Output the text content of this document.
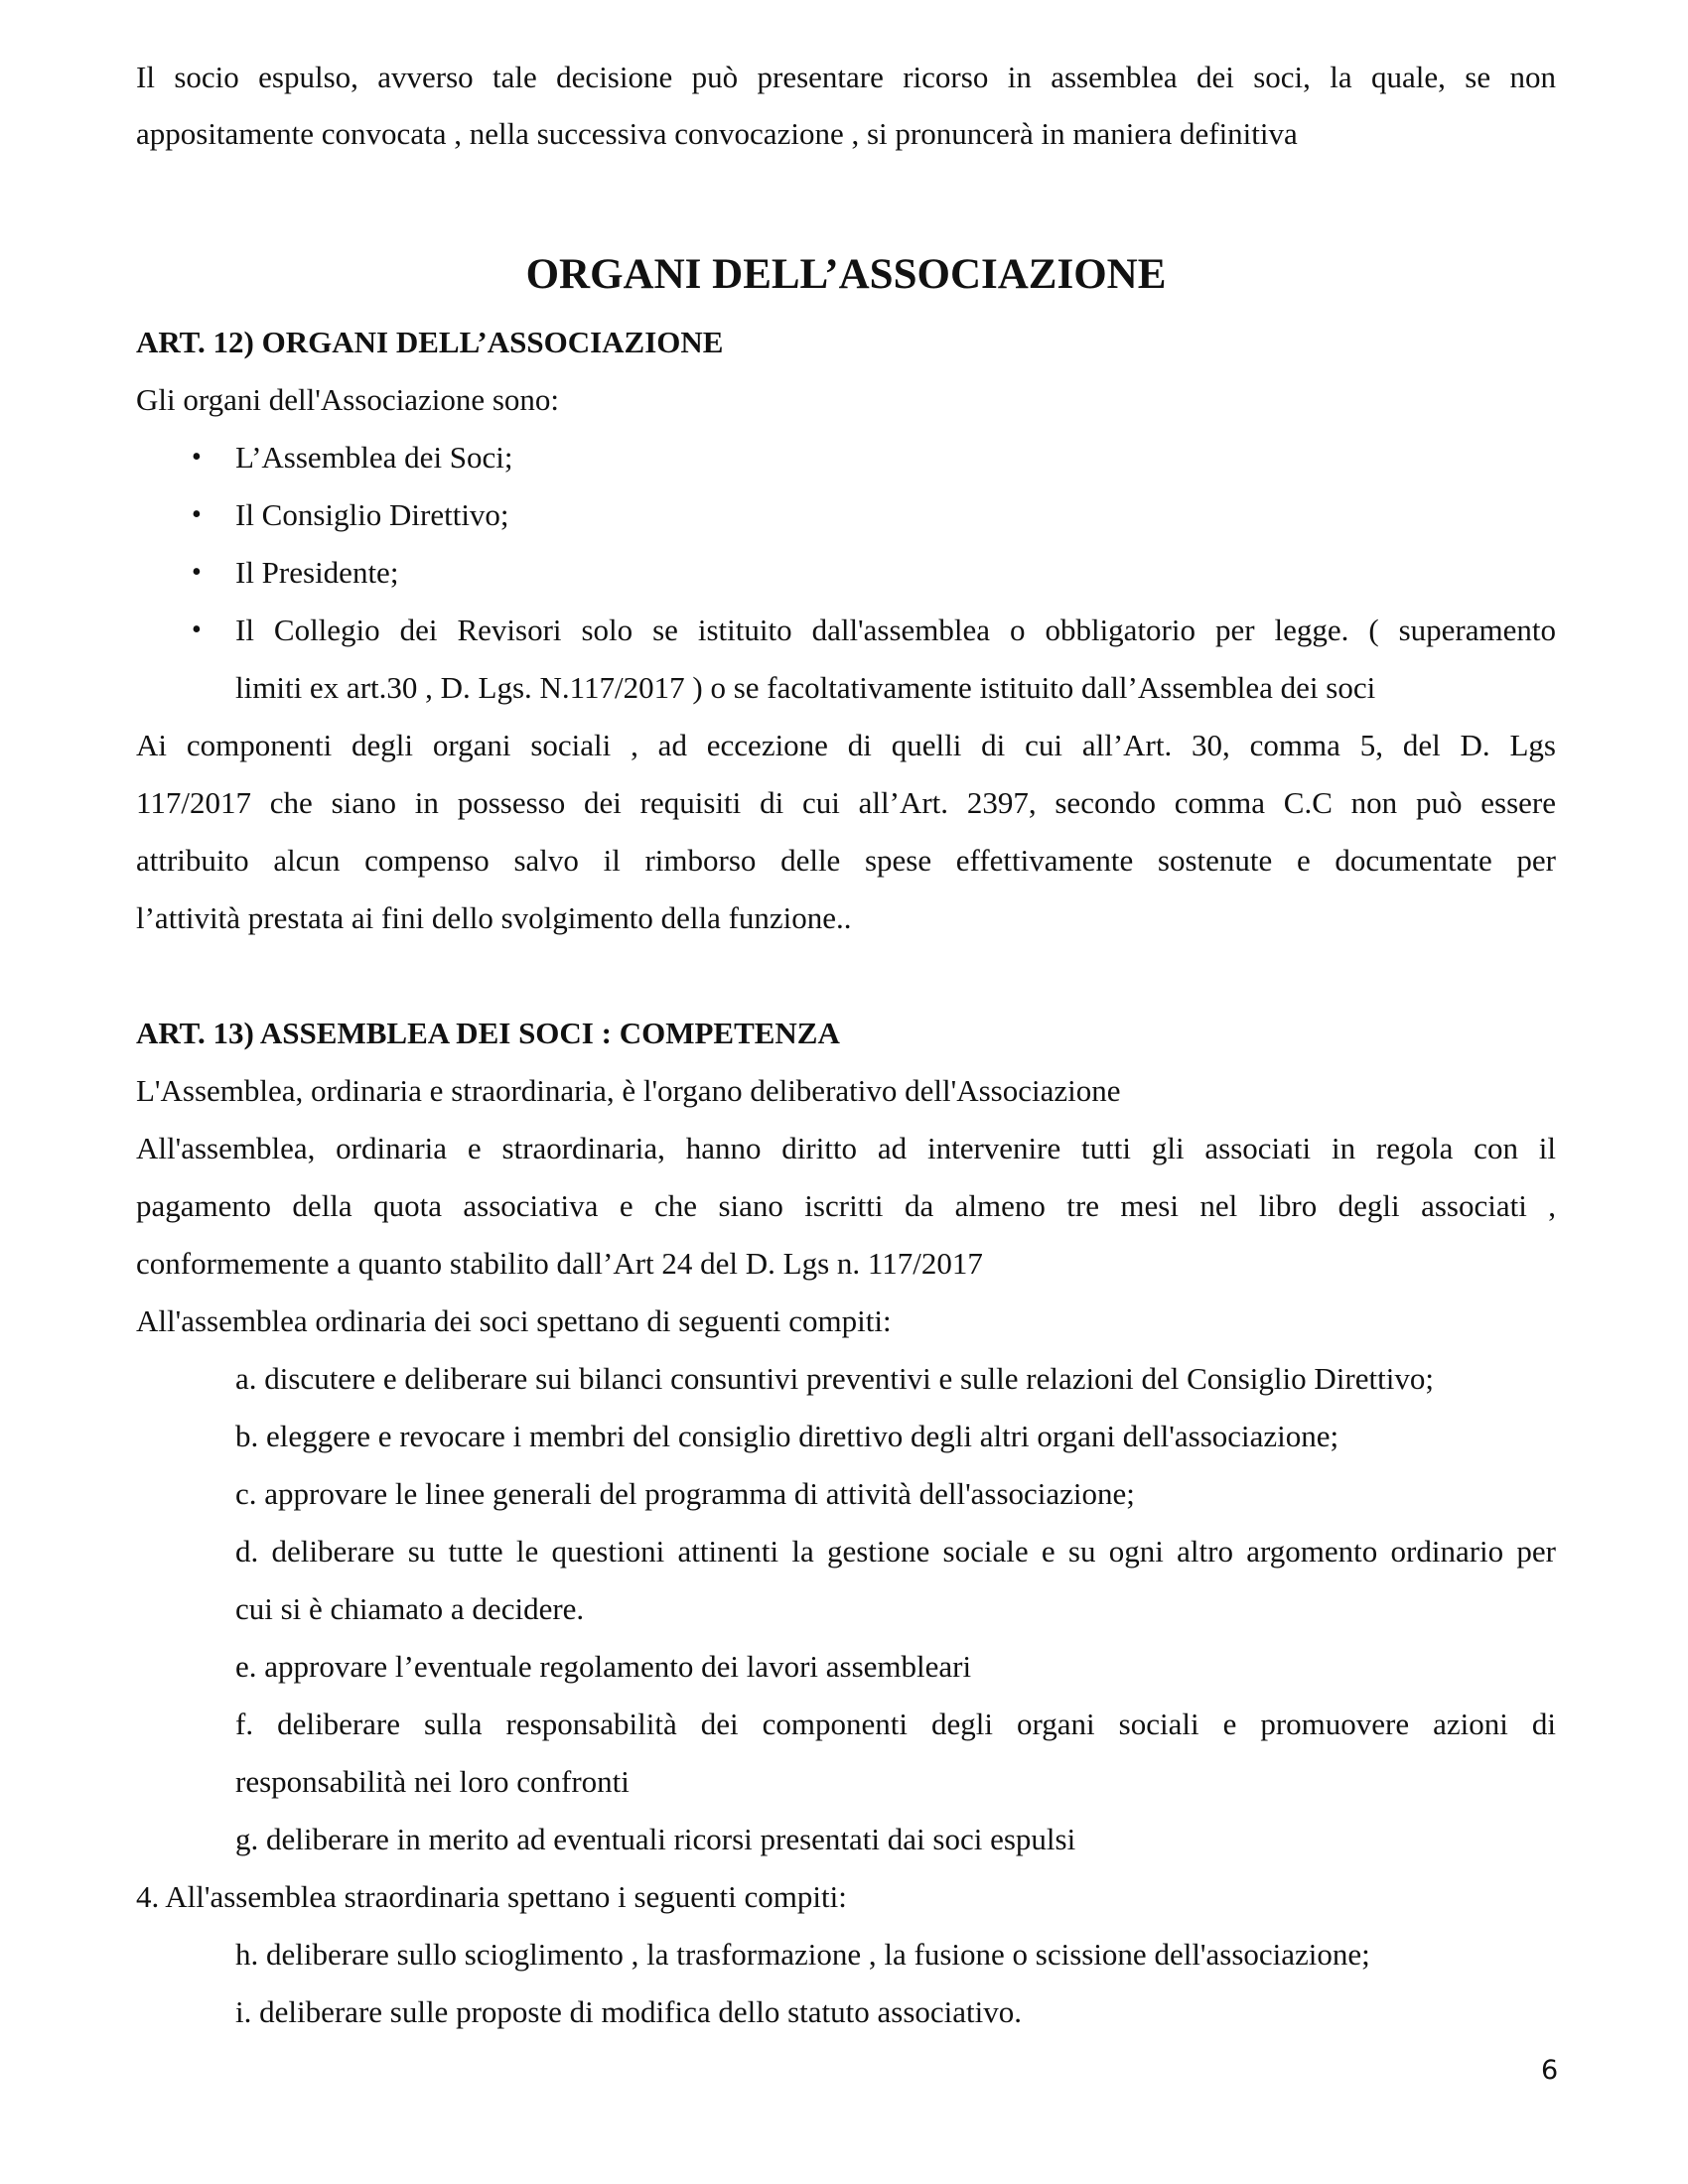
Il socio espulso, avverso tale decisione può presentare ricorso in assemblea dei soci, la quale, se non
appositamente convocata , nella successiva convocazione , si pronuncerà in maniera definitiva
ORGANI DELL’ASSOCIAZIONE
ART. 12) ORGANI DELL’ASSOCIAZIONE
Gli organi dell'Associazione sono:
• L’Assemblea dei Soci;
• Il Consiglio Direttivo;
• Il Presidente;
• Il Collegio dei Revisori solo se istituito dall'assemblea o obbligatorio per legge. ( superamento
limiti ex art.30 , D. Lgs. N.117/2017 ) o se facoltativamente istituito dall’Assemblea dei soci
Ai componenti degli organi sociali , ad eccezione di quelli di cui all’Art. 30, comma 5, del D. Lgs
117/2017 che siano in possesso dei requisiti di cui all’Art. 2397, secondo comma C.C non può essere
attribuito alcun compenso salvo il rimborso delle spese effettivamente sostenute e documentate per
l’attività prestata ai fini dello svolgimento della funzione..
ART. 13) ASSEMBLEA DEI SOCI : COMPETENZA
L'Assemblea, ordinaria e straordinaria, è l'organo deliberativo dell'Associazione
All'assemblea, ordinaria e straordinaria, hanno diritto ad intervenire tutti gli associati in regola con il
pagamento della quota associativa e che siano iscritti da almeno tre mesi nel libro degli associati ,
conformemente a quanto stabilito dall’Art 24 del D. Lgs n. 117/2017
All'assemblea ordinaria dei soci spettano di seguenti compiti:
a. discutere e deliberare sui bilanci consuntivi preventivi e sulle relazioni del Consiglio Direttivo;
b. eleggere e revocare i membri del consiglio direttivo degli altri organi dell'associazione;
c. approvare le linee generali del programma di attività dell'associazione;
d. deliberare su tutte le questioni attinenti la gestione sociale e su ogni altro argomento ordinario per
cui si è chiamato a decidere.
e. approvare l’eventuale regolamento dei lavori assembleari
f. deliberare sulla responsabilità dei componenti degli organi sociali e promuovere azioni di
responsabilità nei loro confronti
g. deliberare in merito ad eventuali ricorsi presentati dai soci espulsi
4. All'assemblea straordinaria spettano i seguenti compiti:
h. deliberare sullo scioglimento , la trasformazione , la fusione o scissione dell'associazione;
i. deliberare sulle proposte di modifica dello statuto associativo.
6
